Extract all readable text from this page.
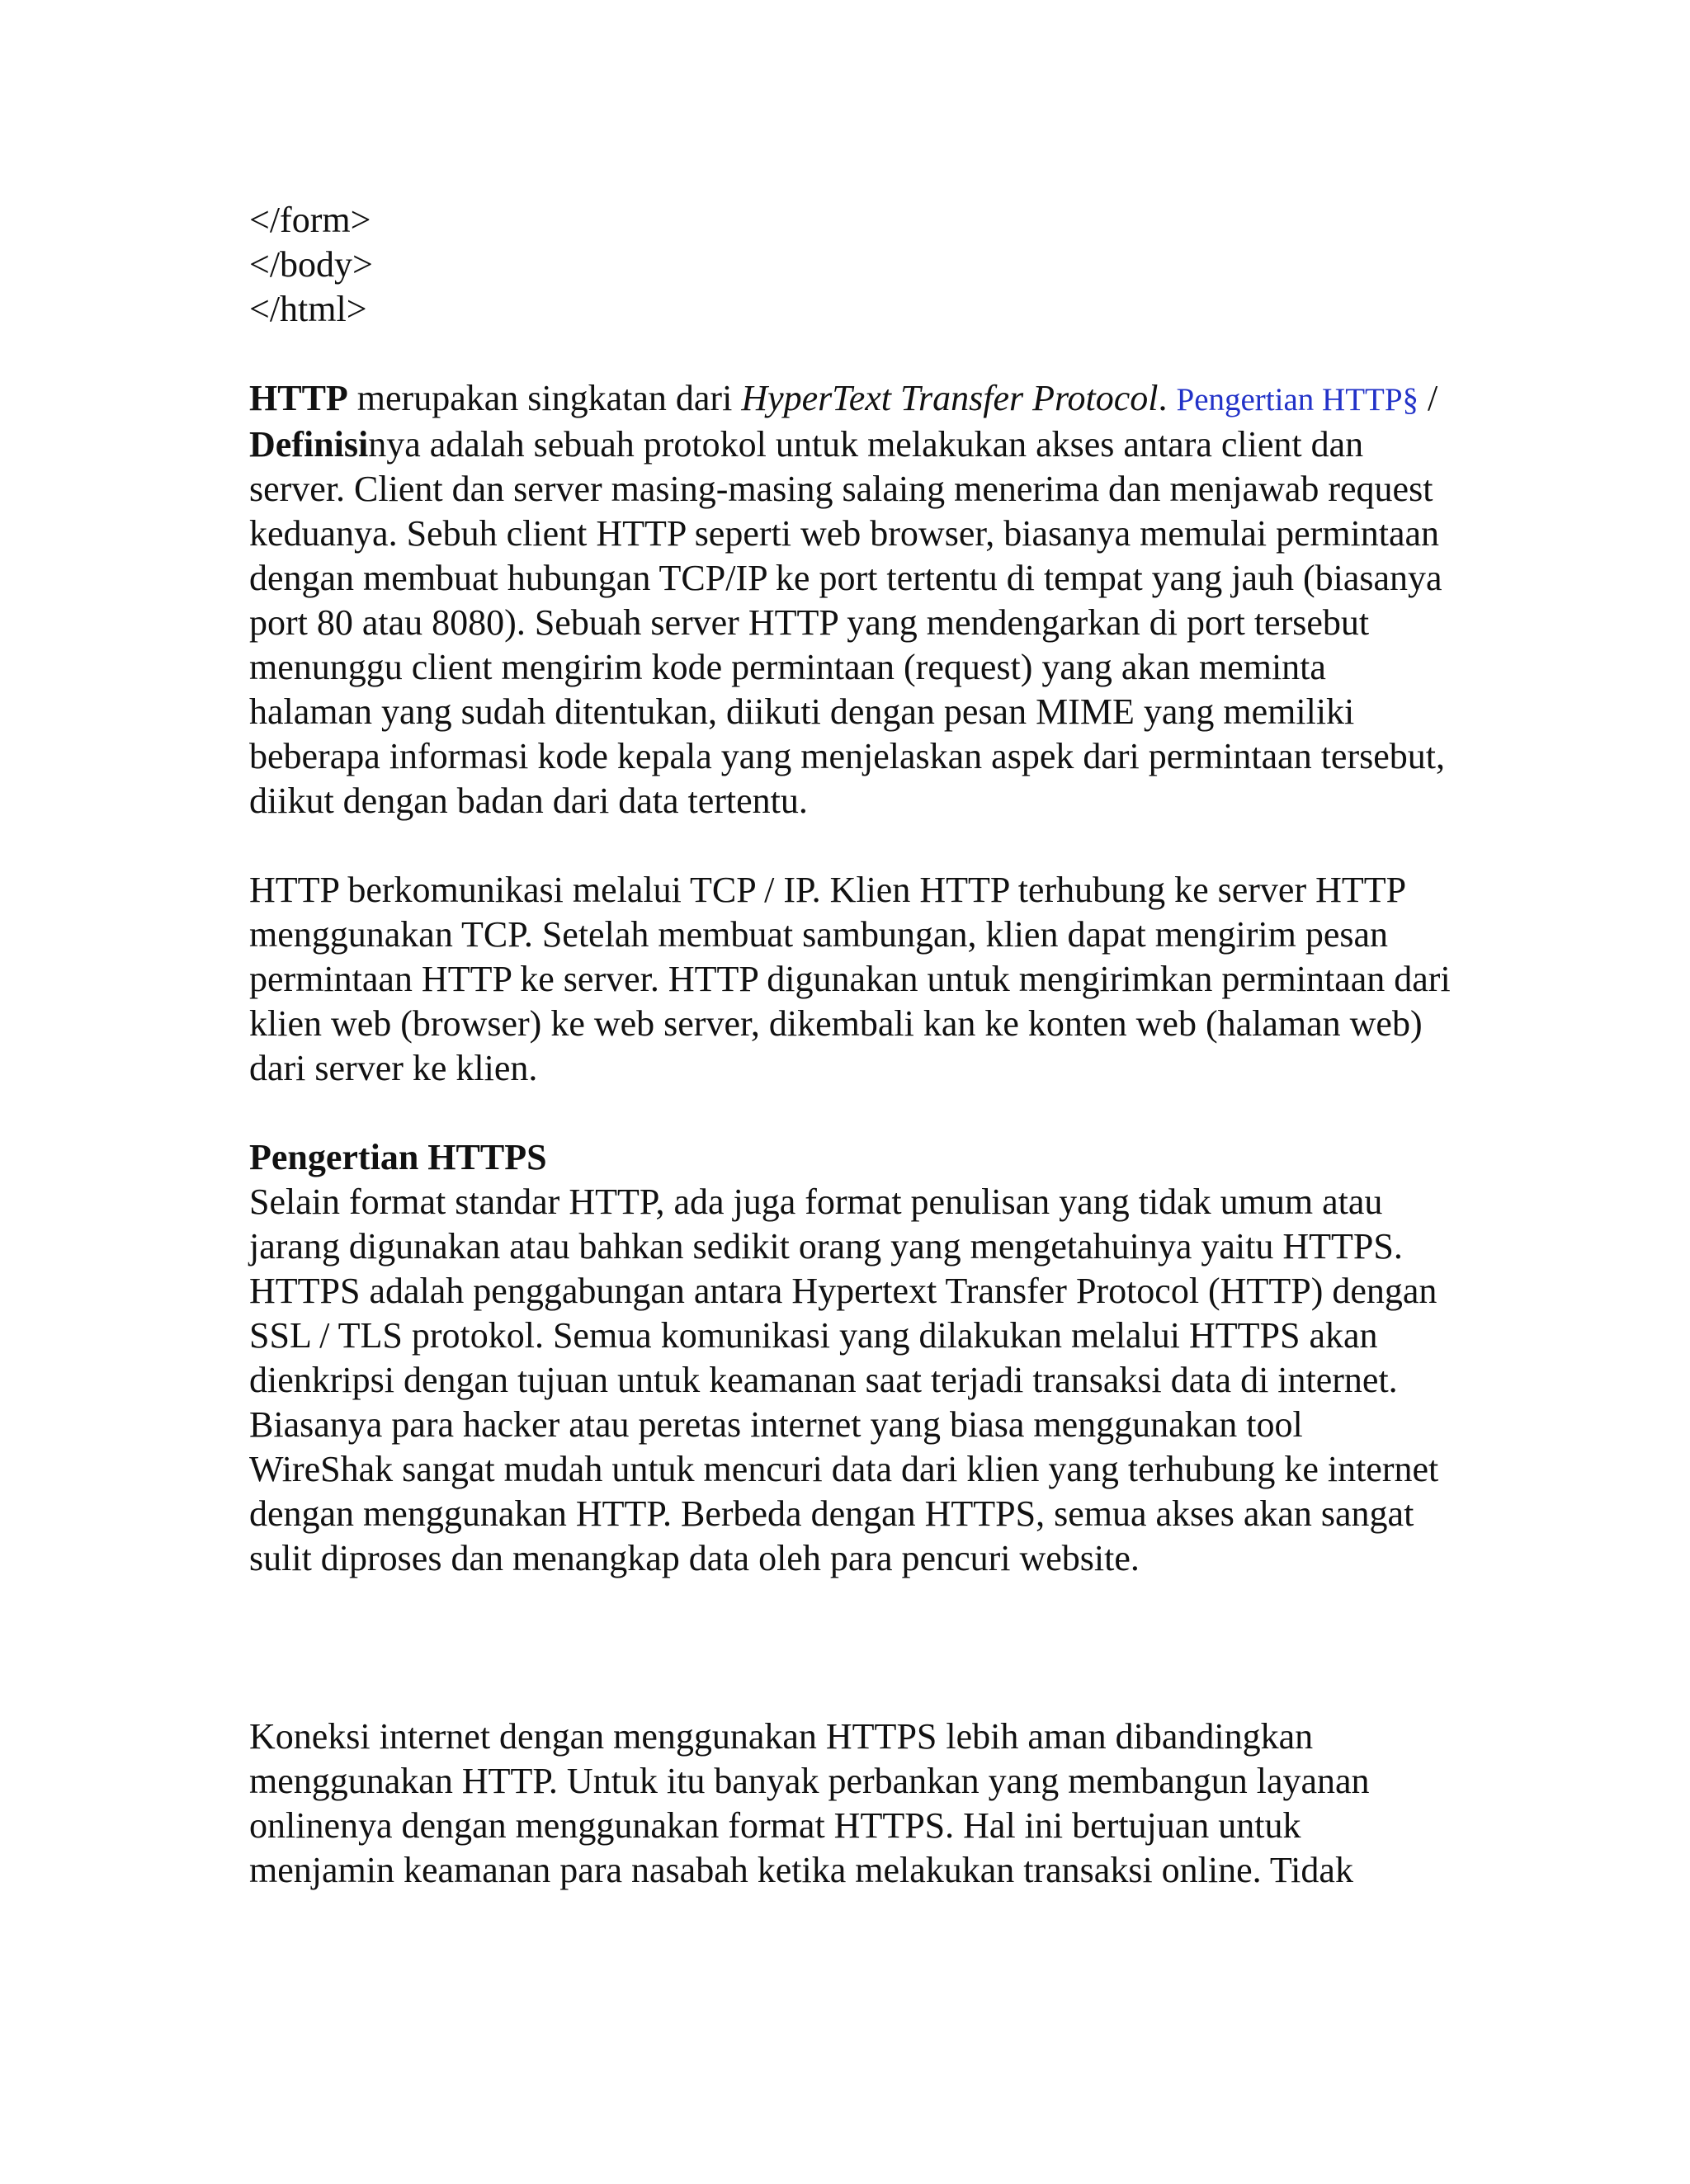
</form>
</body>
</html>

HTTP merupakan singkatan dari HyperText Transfer Protocol. Pengertian HTTP§ / Definisinya adalah sebuah protokol untuk melakukan akses antara client dan server. Client dan server masing-masing salaing menerima dan menjawab request keduanya. Sebuh client HTTP seperti web browser, biasanya memulai permintaan dengan membuat hubungan TCP/IP ke port tertentu di tempat yang jauh (biasanya port 80 atau 8080). Sebuah server HTTP yang mendengarkan di port tersebut menunggu client mengirim kode permintaan (request) yang akan meminta halaman yang sudah ditentukan, diikuti dengan pesan MIME yang memiliki beberapa informasi kode kepala yang menjelaskan aspek dari permintaan tersebut, diikut dengan badan dari data tertentu.

HTTP berkomunikasi melalui TCP / IP. Klien HTTP terhubung ke server HTTP menggunakan TCP. Setelah membuat sambungan, klien dapat mengirim pesan permintaan HTTP ke server. HTTP digunakan untuk mengirimkan permintaan dari klien web (browser) ke web server, dikembali kan ke konten web (halaman web) dari server ke klien.

Pengertian HTTPS

Selain format standar HTTP, ada juga format penulisan yang tidak umum atau jarang digunakan atau bahkan sedikit orang yang mengetahuinya yaitu HTTPS. HTTPS adalah penggabungan antara Hypertext Transfer Protocol (HTTP) dengan SSL / TLS protokol. Semua komunikasi yang dilakukan melalui HTTPS akan dienkripsi dengan tujuan untuk keamanan saat terjadi transaksi data di internet. Biasanya para hacker atau peretas internet yang biasa menggunakan tool WireShak sangat mudah untuk mencuri data dari klien yang terhubung ke internet dengan menggunakan HTTP. Berbeda dengan HTTPS, semua akses akan sangat sulit diproses dan menangkap data oleh para pencuri website.

Koneksi internet dengan menggunakan HTTPS lebih aman dibandingkan menggunakan HTTP. Untuk itu banyak perbankan yang membangun layanan onlinenya dengan menggunakan format HTTPS. Hal ini bertujuan untuk menjamin keamanan para nasabah ketika melakukan transaksi online. Tidak
